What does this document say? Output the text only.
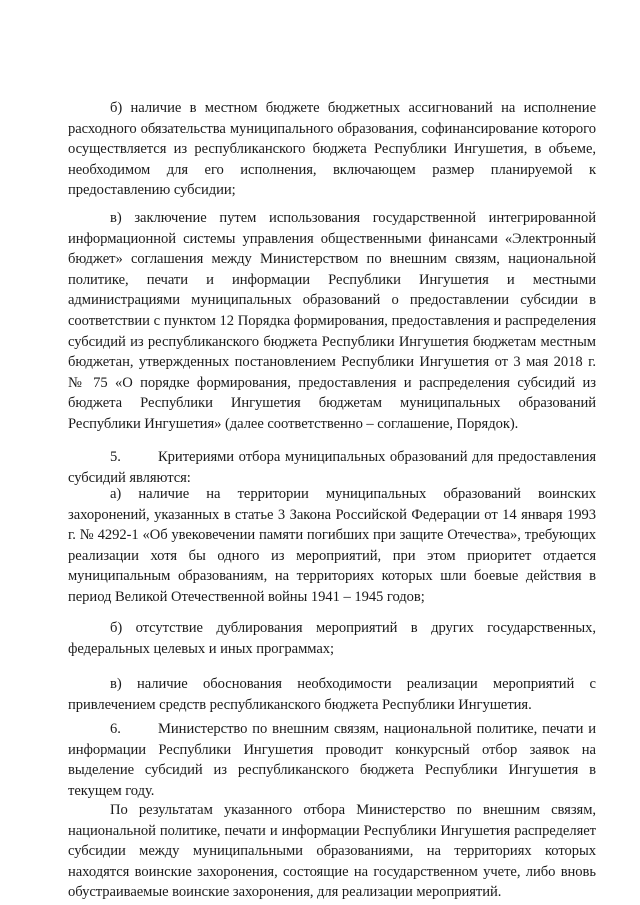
б) наличие в местном бюджете бюджетных ассигнований на исполнение расходного обязательства муниципального образования, софинансирование которого осуществляется из республиканского бюджета Республики Ингушетия, в объеме, необходимом для его исполнения, включающем размер планируемой к предоставлению субсидии;

в) заключение путем использования государственной интегрированной информационной системы управления общественными финансами «Электронный бюджет» соглашения между Министерством по внешним связям, национальной политике, печати и информации Республики Ингушетия и местными администрациями муниципальных образований о предоставлении субсидии в соответствии с пунктом 12 Порядка формирования, предоставления и распределения субсидий из республиканского бюджета Республики Ингушетия бюджетам местным бюджетан, утвержденных постановлением Республики Ингушетия от 3 мая 2018 г. № 75 «О порядке формирования, предоставления и распределения субсидий из бюджета Республики Ингушетия бюджетам муниципальных образований Республики Ингушетия» (далее соответственно – соглашение, Порядок).

5.	Критериями отбора муниципальных образований для предоставления субсидий являются:

а) наличие на территории муниципальных образований воинских захоронений, указанных в статье 3 Закона Российской Федерации от 14 января 1993 г. № 4292-1 «Об увековечении памяти погибших при защите Отечества», требующих реализации хотя бы одного из мероприятий, при этом приоритет отдается муниципальным образованиям, на территориях которых шли боевые действия в период Великой Отечественной войны 1941 – 1945 годов;

б) отсутствие дублирования мероприятий в других государственных, федеральных целевых и иных программах;

в) наличие обоснования необходимости реализации мероприятий с привлечением средств республиканского бюджета Республики Ингушетия.

6.	Министерство по внешним связям, национальной политике, печати и информации Республики Ингушетия проводит конкурсный отбор заявок на выделение субсидий из республиканского бюджета Республики Ингушетия в текущем году.

По результатам указанного отбора Министерство по внешним связям, национальной политике, печати и информации Республики Ингушетия распределяет субсидии между муниципальными образованиями, на территориях которых находятся воинские захоронения, состоящие на государственном учете, либо вновь обустраиваемые воинские захоронения, для реализации мероприятий.
